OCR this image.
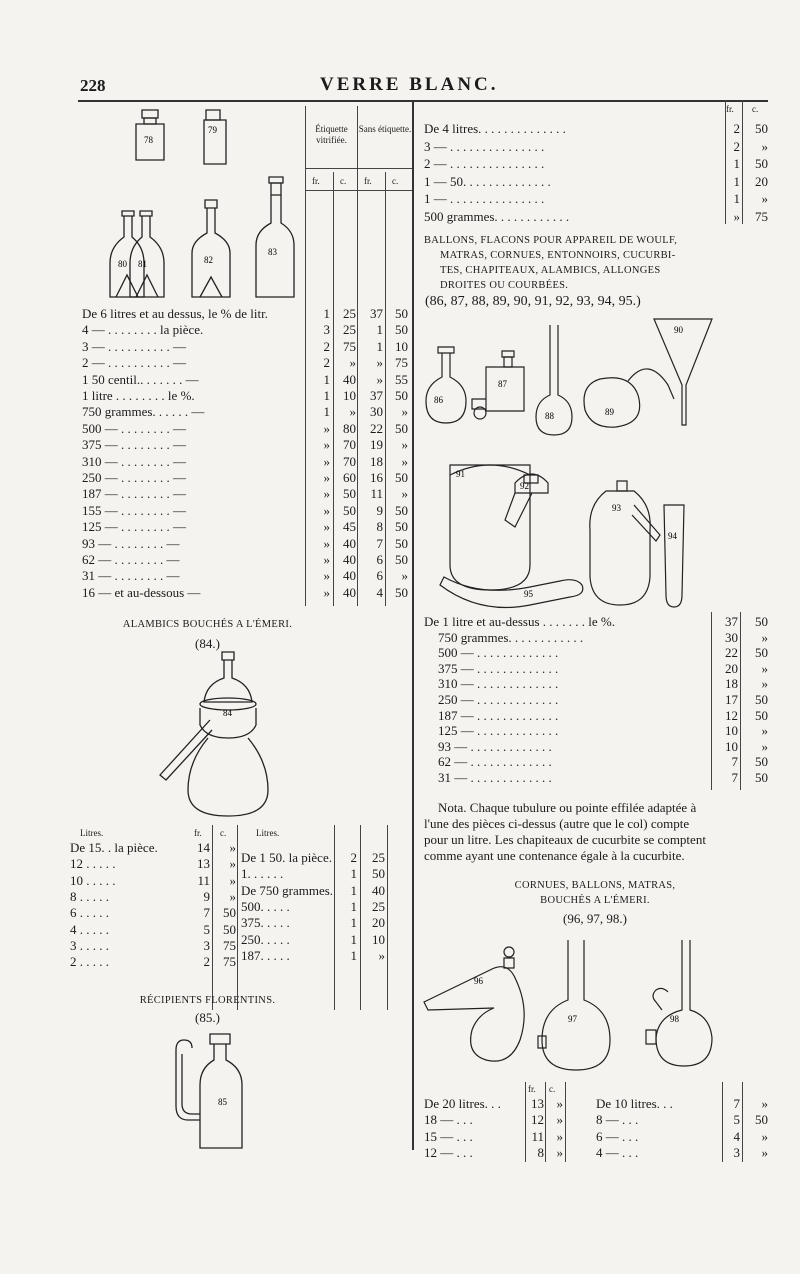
228	VERRE BLANC.
Étiquette vitrifiée.
Sans étiquette.
fr. c. fr. c.
78
79
80 81	82
83
De 6 litres et au dessus, le % de litr.	1	25	37 50
4 — . . . . . . . . la pièce.	3	25	1 50
3 — . . . . . . . . . . —	2	75	1 10
2 — . . . . . . . . . . —	2	»	» 75
1 50 centil.. . . . . . . —	1	40	» 55
1 litre . . . . . . . . le %.	1	10	37 50
750 grammes. . . . . . —	1	»	30	»
500 — . . . . . . . . —	»	80	22 50
375 — . . . . . . . . —	»	70	19	»
310 — . . . . . . . . —	»	70	18	»
250 — . . . . . . . . —	»	60	16 50
187 — . . . . . . . . —	»	50	11	»
155 — . . . . . . . . —	»	50	9 50
125 — . . . . . . . . —	»	45	8 50
93 — . . . . . . . . —	»	40	7 50
62 — . . . . . . . . —	»	40	6 50
31 — . . . . . . . . —	»	40	6	»
16 — et au-dessous —	»	40	4 50
ALAMBICS BOUCHÉS A L'ÉMERI.
(84.)
84
Litres.	fr. c.	Litres.
De 15. . la pièce.	14	»
12 . . . . .	13	»
10 . . . . .	11	»
8 . . . . .	9	»
6 . . . . .	7	50
4 . . . . .	5	50
3 . . . . .	3	75
2 . . . . .	2	75
De 1 50. la pièce.	2	25
1. . . . . .	1	50
De 750 grammes.	1	40
500. . . . .	1	25
375. . . . .	1	20
250. . . . .	1	10
187. . . . .	1	»
RÉCIPIENTS FLORENTINS.
(85.)
85
fr. c.
De 4 litres. . . . . . . . . . . . . .	2	50
3 — . . . . . . . . . . . . . . .	2	»
2 — . . . . . . . . . . . . . . .	1	50
1 — 50. . . . . . . . . . . . . .	1	20
1 — . . . . . . . . . . . . . . .	1	»
500 grammes. . . . . . . . . . . .	»	75
BALLONS, FLACONS POUR APPAREIL DE WOULF,
MATRAS, CORNUES, ENTONNOIRS, CUCURBI-
TES, CHAPITEAUX, ALAMBICS, ALLONGES
DROITES OU COURBÉES.
(86, 87, 88, 89, 90, 91, 92, 93, 94, 95.)
86
87
88	89
90
91
92
93
94
95
De 1 litre et au-dessus . . . . . . . le %.	37	50
750 grammes. . . . . . . . . . . .	30	»
500 — . . . . . . . . . . . . .	22	50
375 — . . . . . . . . . . . . .	20	»
310 — . . . . . . . . . . . . .	18	»
250 — . . . . . . . . . . . . .	17	50
187 — . . . . . . . . . . . . .	12	50
125 — . . . . . . . . . . . . .	10	»
93 — . . . . . . . . . . . . .	10	»
62 — . . . . . . . . . . . . .	7	50
31 — . . . . . . . . . . . . .	7	50
Nota. Chaque tubulure ou pointe effilée adaptée à
l'une des pièces ci-dessus (autre que le col) compte
pour un litre. Les chapiteaux de cucurbite se comptent
comme ayant une contenance égale à la cucurbite.
CORNUES, BALLONS, MATRAS,
BOUCHÉS A L'ÉMERI.
(96, 97, 98.)
96
97	98
fr. c.
De 20 litres. . .	13 »
18 — . . .	12 »
15 — . . .	11 »
12 — . . .	8 »
De 10 litres. . .	7	»
8 — . . .	5	50
6 — . . .	4	»
4 — . . .	3	»
